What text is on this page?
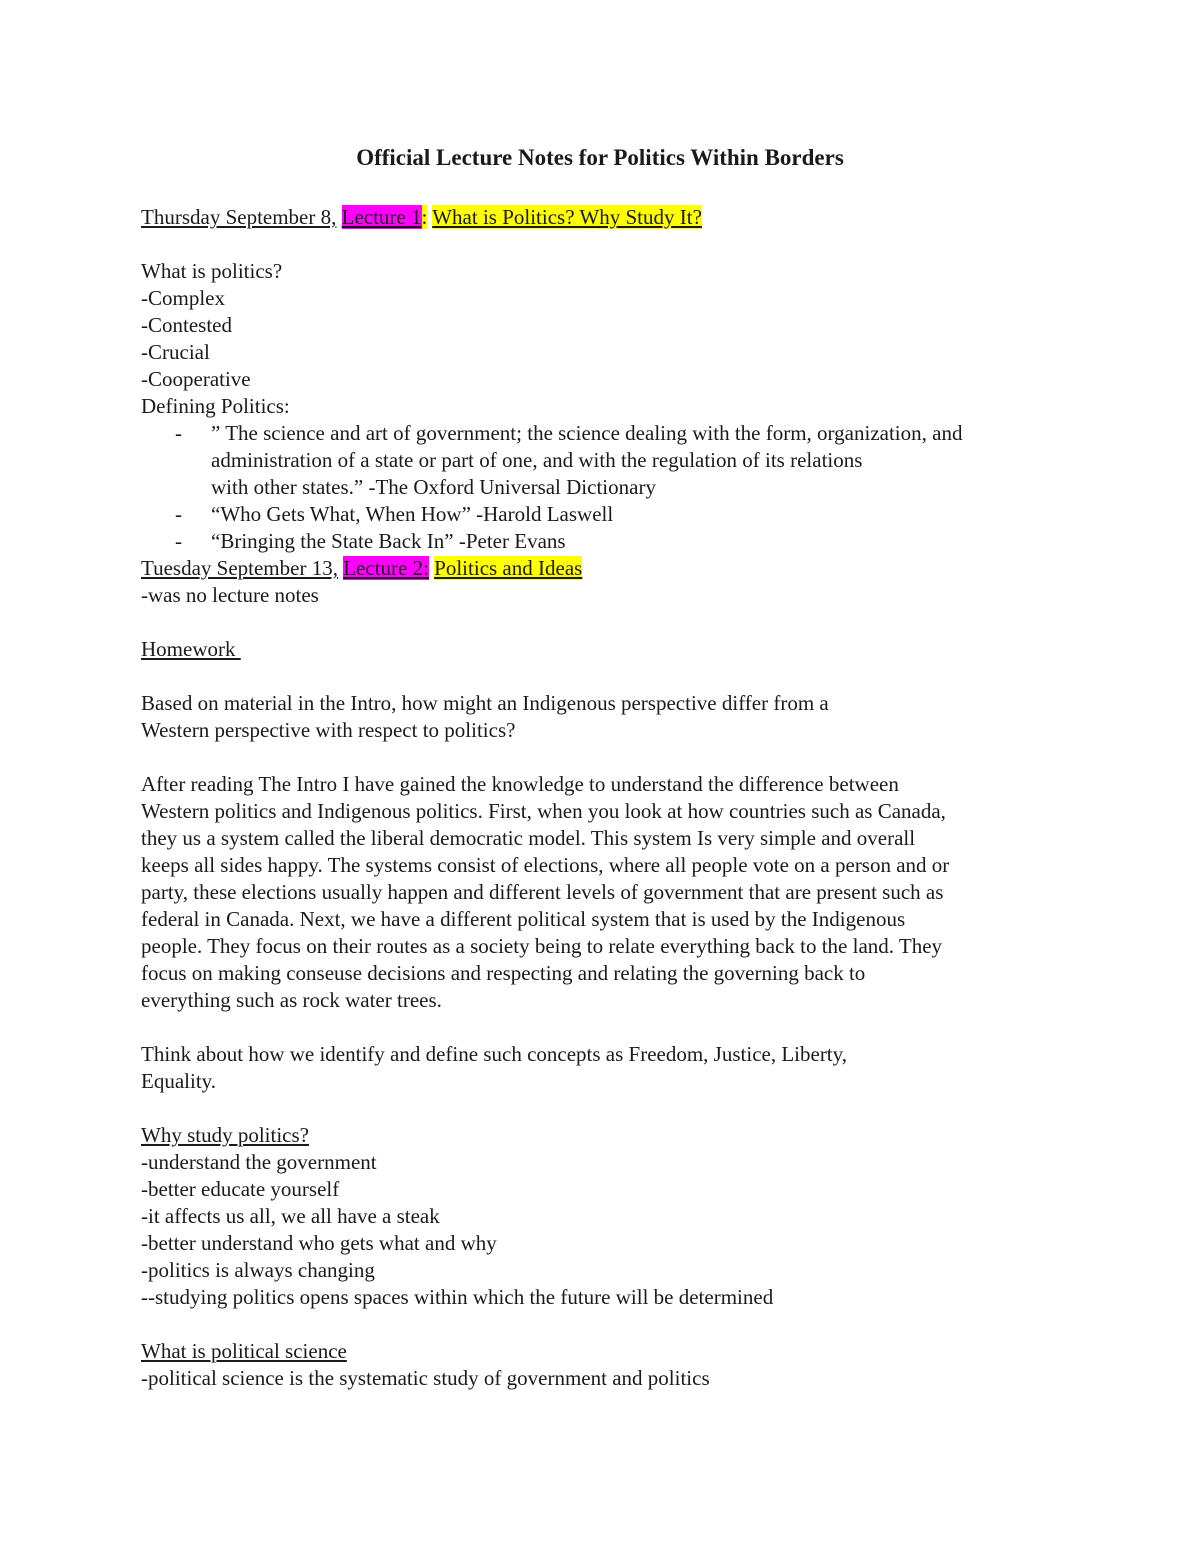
Official Lecture Notes for Politics Within Borders
Thursday September 8, Lecture 1: What is Politics? Why Study It?
What is politics?
-Complex
-Contested
-Crucial
-Cooperative
Defining Politics:
- ” The science and art of government; the science dealing with the form, organization, and
administration of a state or part of one, and with the regulation of its relations
with other states.” -The Oxford Universal Dictionary
- “Who Gets What, When How” -Harold Laswell
- “Bringing the State Back In” -Peter Evans
Tuesday September 13, Lecture 2: Politics and Ideas
-was no lecture notes
Homework
Based on material in the Intro, how might an Indigenous perspective differ from a
Western perspective with respect to politics?
After reading The Intro I have gained the knowledge to understand the difference between
Western politics and Indigenous politics. First, when you look at how countries such as Canada,
they us a system called the liberal democratic model. This system Is very simple and overall
keeps all sides happy. The systems consist of elections, where all people vote on a person and or
party, these elections usually happen and different levels of government that are present such as
federal in Canada. Next, we have a different political system that is used by the Indigenous
people. They focus on their routes as a society being to relate everything back to the land. They
focus on making conseuse decisions and respecting and relating the governing back to
everything such as rock water trees.
Think about how we identify and define such concepts as Freedom, Justice, Liberty,
Equality.
Why study politics?
-understand the government
-better educate yourself
-it affects us all, we all have a steak
-better understand who gets what and why
-politics is always changing
--studying politics opens spaces within which the future will be determined
What is political science
-political science is the systematic study of government and politics
